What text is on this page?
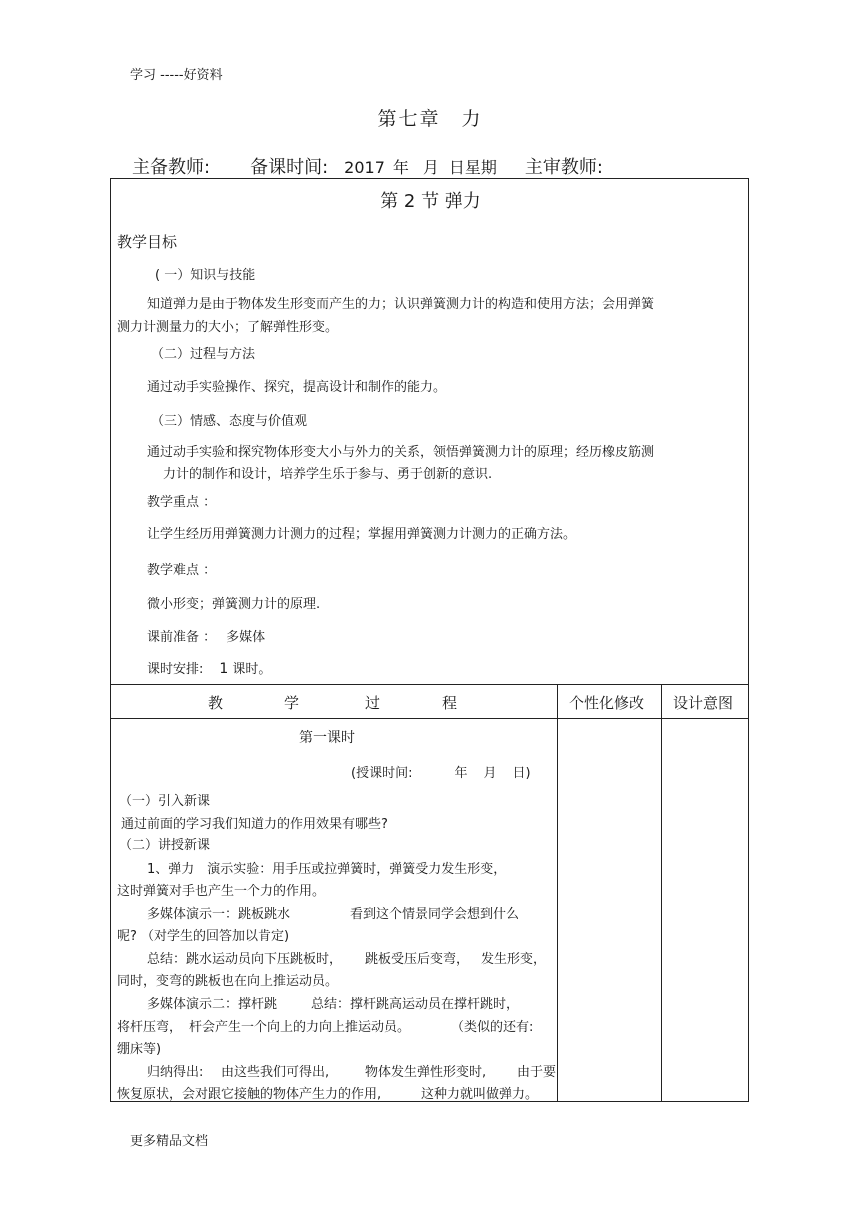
学习 -----好资料
第七章　力
主备教师: 备课时间: 2017 年 月 日星期 主审教师:
第 2 节 弹力
教学目标
( 一）知识与技能
知道弹力是由于物体发生形变而产生的力；认识弹簧测力计的构造和使用方法；会用弹簧
测力计测量力的大小；了解弹性形变。
（二）过程与方法
通过动手实验操作、探究，提高设计和制作的能力。
（三）情感、态度与价值观
通过动手实验和探究物体形变大小与外力的关系，领悟弹簧测力计的原理；经历橡皮筋测
力计的制作和设计，培养学生乐于参与、勇于创新的意识.
教学重点 ：
让学生经历用弹簧测力计测力的过程；掌握用弹簧测力计测力的正确方法。
教学难点 ：
微小形变；弹簧测力计的原理.
课前准备 ： 多媒体
课时安排: 1 课时。
教	学	过	程	个性化修改 设计意图
第一课时
(授课时间:	年 月 日)
（一）引入新课
通过前面的学习我们知道力的作用效果有哪些?
（二）讲授新课
1、弹力　演示实验：用手压或拉弹簧时，弹簧受力发生形变，
这时弹簧对手也产生一个力的作用。
多媒体演示一：跳板跳水	看到这个情景同学会想到什么
呢? （对学生的回答加以肯定)
总结：跳水运动员向下压跳板时， 跳板受压后变弯， 发生形变，
同时，变弯的跳板也在向上推运动员。
多媒体演示二：撑杆跳	总结：撑杆跳高运动员在撑杆跳时，
将杆压弯， 杆会产生一个向上的力向上推运动员。	（类似的还有:
绷床等)
归纳得出: 由这些我们可得出,	物体发生弹性形变时, 由于要
恢复原状，会对跟它接触的物体产生力的作用,	这种力就叫做弹力。
更多精品文档
